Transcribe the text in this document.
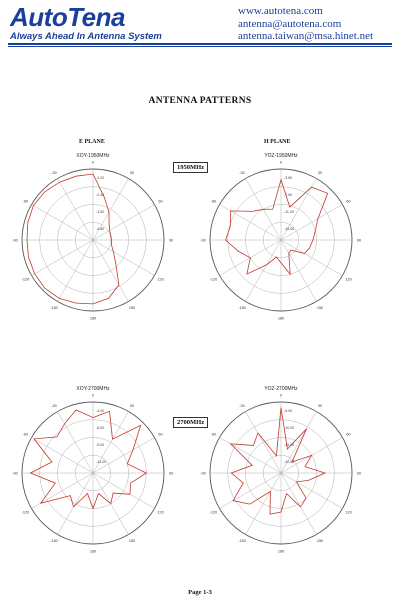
AutoTena
Always Ahead In Antenna System
www.autotena.com
antenna@autotena.com
antenna.taiwan@msa.hinet.net
ANTENNA PATTERNS
E PLANE	H PLANE
1950MHz
2700MHz
0
30
60
90
120
150
180
-150
-120
-90
-60
-30
-1.20
-2.40
-3.60
-4.80
XOY-1950MHz
0
30
60
90
120
150
180
-150
-120
-90
-60
-30
-3.80
-7.60
-11.20
-15.00
YOZ-1950MHz
0
30
60
90
120
150
180
-150
-120
-90
-60
-30
-3.00
-6.00
-9.00
-12.00
XOY-2700MHz
0
30
60
90
120
150
180
-150
-120
-90
-60
-30
-5.00
-10.00
-15.00
-20.00
YOZ-2700MHz
Page 1-3
